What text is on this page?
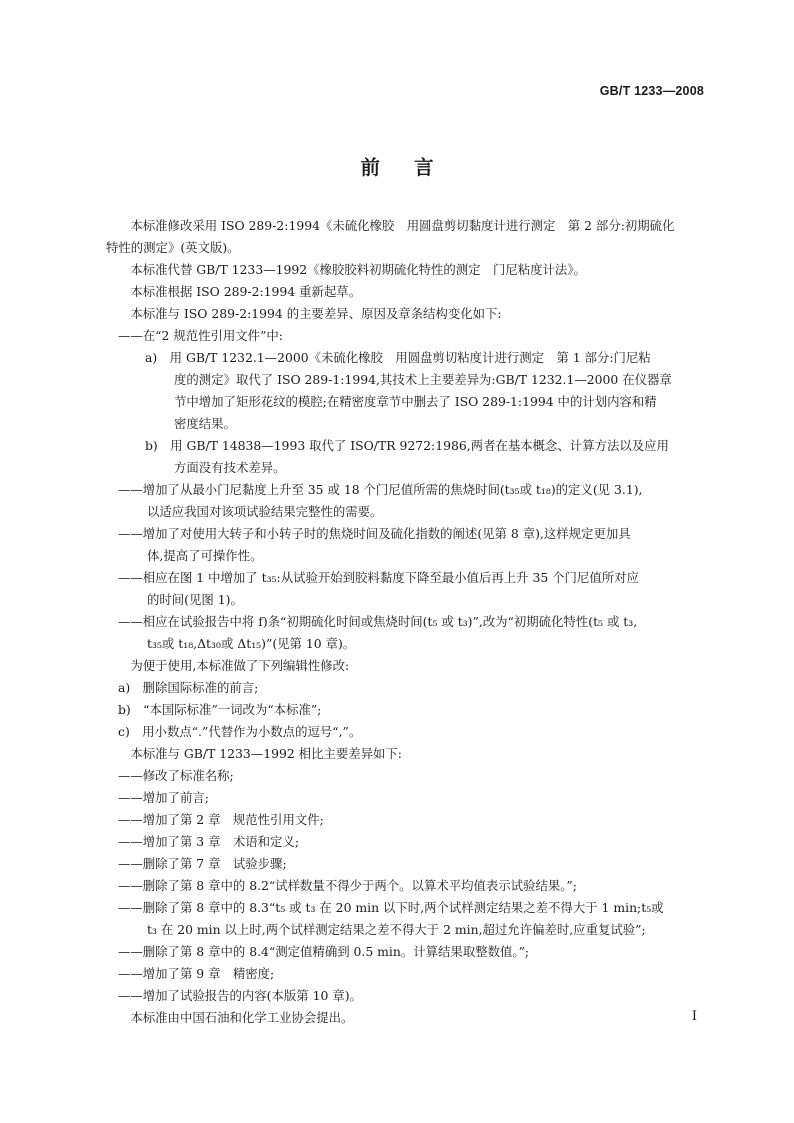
GB/T 1233—2008
前 言
　本标准修改采用 ISO 289-2:1994《未硫化橡胶　用圆盘剪切黏度计进行测定　第 2 部分:初期硫化
特性的测定》(英文版)。
　本标准代替 GB/T 1233—1992《橡胶胶料初期硫化特性的测定　门尼粘度计法》。
　本标准根据 ISO 289-2:1994 重新起草。
　本标准与 ISO 289-2:1994 的主要差异、原因及章条结构变化如下:
——在“2 规范性引用文件”中:
a)　用 GB/T 1232.1—2000《未硫化橡胶　用圆盘剪切粘度计进行测定　第 1 部分:门尼粘
度的测定》取代了 ISO 289-1:1994,其技术上主要差异为:GB/T 1232.1—2000 在仪器章
节中增加了矩形花纹的模腔;在精密度章节中删去了 ISO 289-1:1994 中的计划内容和精
密度结果。
b)　用 GB/T 14838—1993 取代了 ISO/TR 9272:1986,两者在基本概念、计算方法以及应用
方面没有技术差异。
——增加了从最小门尼黏度上升至 35 或 18 个门尼值所需的焦烧时间(t₃₅或 t₁₈)的定义(见 3.1),
以适应我国对该项试验结果完整性的需要。
——增加了对使用大转子和小转子时的焦烧时间及硫化指数的阐述(见第 8 章),这样规定更加具
体,提高了可操作性。
——相应在图 1 中增加了 t₃₅:从试验开始到胶料黏度下降至最小值后再上升 35 个门尼值所对应
的时间(见图 1)。
——相应在试验报告中将 f)条“初期硫化时间或焦烧时间(t₅ 或 t₃)”,改为“初期硫化特性(t₅ 或 t₃,
t₃₅或 t₁₈,Δt₃₀或 Δt₁₅)”(见第 10 章)。
　为便于使用,本标准做了下列编辑性修改:
a)　删除国际标准的前言;
b)　“本国际标准”一词改为“本标准”;
c)　用小数点“.”代替作为小数点的逗号“,”。
　本标准与 GB/T 1233—1992 相比主要差异如下:
——修改了标准名称;
——增加了前言;
——增加了第 2 章　规范性引用文件;
——增加了第 3 章　术语和定义;
——删除了第 7 章　试验步骤;
——删除了第 8 章中的 8.2“试样数量不得少于两个。以算术平均值表示试验结果。”;
——删除了第 8 章中的 8.3“t₅ 或 t₃ 在 20 min 以下时,两个试样测定结果之差不得大于 1 min;t₅或
t₃ 在 20 min 以上时,两个试样测定结果之差不得大于 2 min,超过允许偏差时,应重复试验”;
——删除了第 8 章中的 8.4“测定值精确到 0.5 min。计算结果取整数值。”;
——增加了第 9 章　精密度;
——增加了试验报告的内容(本版第 10 章)。
　本标准由中国石油和化学工业协会提出。	I
